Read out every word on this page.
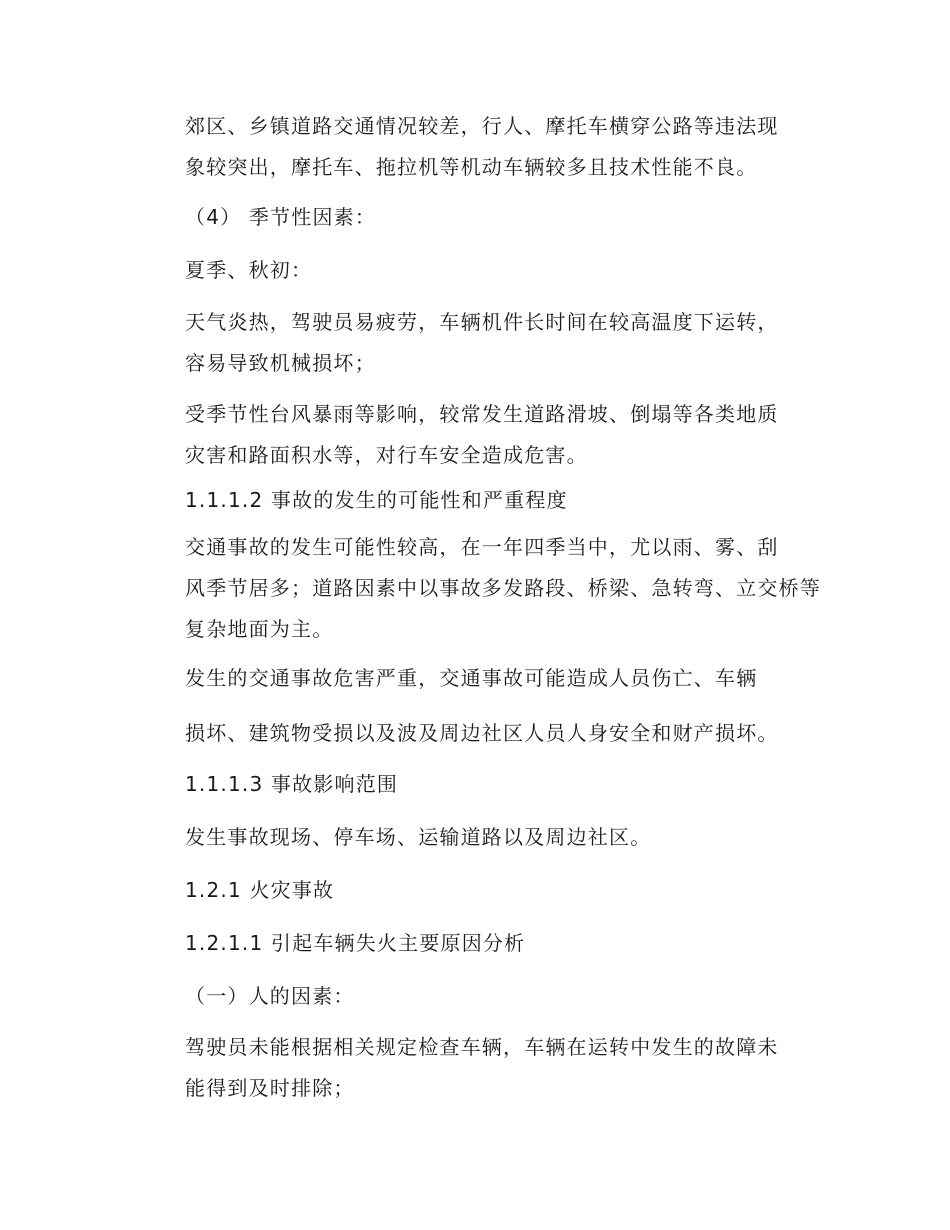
郊区、乡镇道路交通情况较差，行人、摩托车横穿公路等违法现
象较突出，摩托车、拖拉机等机动车辆较多且技术性能不良。

（4） 季节性因素：

夏季、秋初：

天气炎热，驾驶员易疲劳，车辆机件长时间在较高温度下运转，
容易导致机械损坏；

受季节性台风暴雨等影响，较常发生道路滑坡、倒塌等各类地质
灾害和路面积水等，对行车安全造成危害。

1.1.1.2 事故的发生的可能性和严重程度

交通事故的发生可能性较高，在一年四季当中，尤以雨、雾、刮
风季节居多；道路因素中以事故多发路段、桥梁、急转弯、立交桥等
复杂地面为主。

发生的交通事故危害严重，交通事故可能造成人员伤亡、车辆

损坏、建筑物受损以及波及周边社区人员人身安全和财产损坏。

1.1.1.3 事故影响范围

发生事故现场、停车场、运输道路以及周边社区。

1.2.1 火灾事故

1.2.1.1 引起车辆失火主要原因分析

（一）人的因素：

驾驶员未能根据相关规定检查车辆，车辆在运转中发生的故障未
能得到及时排除；
